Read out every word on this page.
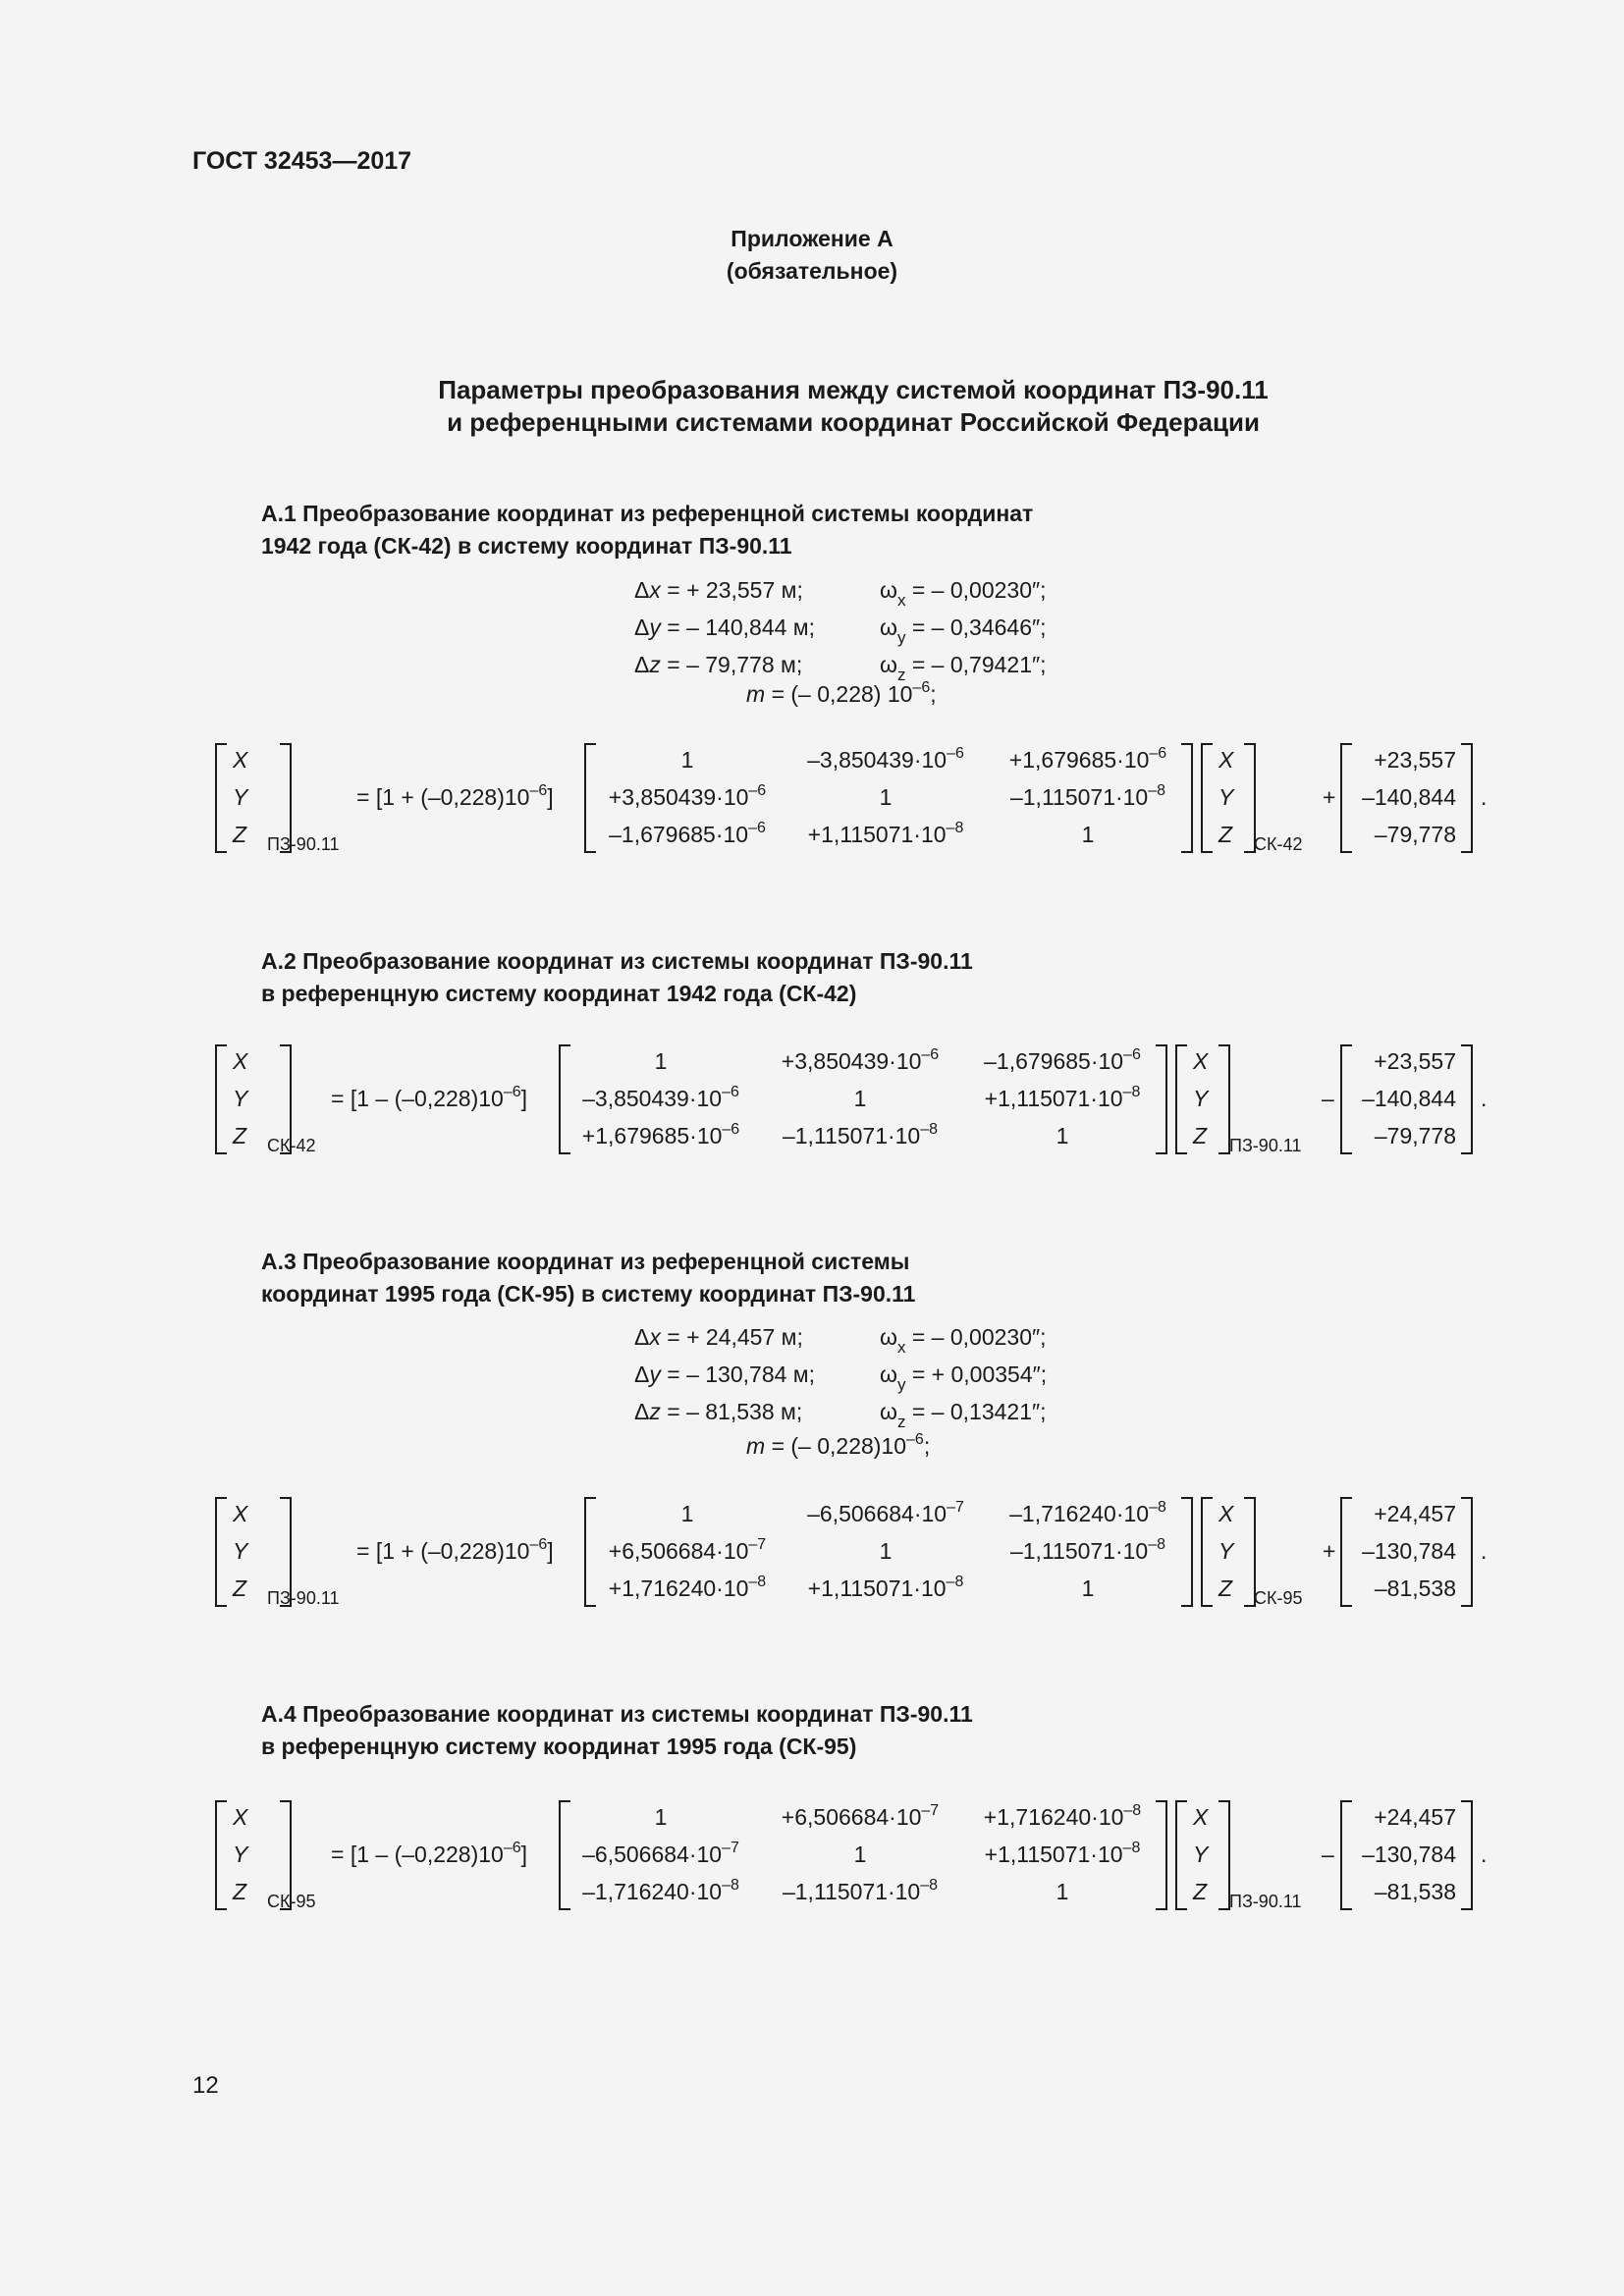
ГОСТ 32453—2017
Приложение А
(обязательное)
Параметры преобразования между системой координат ПЗ-90.11
и референцными системами координат Российской Федерации
А.1 Преобразование координат из референцной системы координат
1942 года (СК-42) в систему координат ПЗ-90.11
А.2 Преобразование координат из системы координат ПЗ-90.11
в референцную систему координат 1942 года (СК-42)
А.3 Преобразование координат из референцной системы
координат 1995 года (СК-95) в систему координат ПЗ-90.11
А.4 Преобразование координат из системы координат ПЗ-90.11
в референцную систему координат 1995 года (СК-95)
Δx = + 23,557 м;
Δy = – 140,844 м;
Δz = – 79,778 м;
$\omega_x$ = – 0,00230″;
$\omega_y$ = – 0,34646″;
$\omega_z$ = – 0,79421″;
m = (– 0,228) $10^{-6}$;
Δx = + 24,457 м;
Δy = – 130,784 м;
Δz = – 81,538 м;
$\omega_x$ = – 0,00230″;
$\omega_y$ = + 0,00354″;
$\omega_z$ = – 0,13421″;
m = (– $0,228)10^{-6}$;
X
Y
Z ПЗ-90.11
= $[1 + (-0,228)10^{-6}]$
1	$-3,850439\cdot 10^{-6}$	$+1,679685\cdot 10^{-6}$
$+3,850439\cdot 10^{-6}$	1	$-1,115071\cdot 10^{-8}$
$-1,679685\cdot 10^{-6}$	$+1,115071\cdot 10^{-8}$	1
X
Y
Z СК-42
+
+23,557
–140,844
–79,778
.
X
Y
Z СК-42
= $[1 - (-0,228)10^{-6}]$
1	$+3,850439\cdot 10^{-6}$	$-1,679685\cdot 10^{-6}$
$-3,850439\cdot 10^{-6}$	1	$+1,115071\cdot 10^{-8}$
$+1,679685\cdot 10^{-6}$	$-1,115071\cdot 10^{-8}$	1
X
Y
Z ПЗ-90.11
–
+23,557
–140,844
–79,778
.
X
Y
Z ПЗ-90.11
= $[1 + (-0,228)10^{-6}]$
1	$-6,506684\cdot 10^{-7}$	$-1,716240\cdot 10^{-8}$
$+6,506684\cdot 10^{-7}$	1	$-1,115071\cdot 10^{-8}$
$+1,716240\cdot 10^{-8}$	$+1,115071\cdot 10^{-8}$	1
X
Y
Z СК-95
+
+24,457
–130,784
–81,538
.
X
Y
Z СК-95
= $[1 - (-0,228)10^{-6}]$
1	$+6,506684\cdot 10^{-7}$	$+1,716240\cdot 10^{-8}$
$-6,506684\cdot 10^{-7}$	1	$+1,115071\cdot 10^{-8}$
$-1,716240\cdot 10^{-8}$	$-1,115071\cdot 10^{-8}$	1
X
Y
Z ПЗ-90.11
–
+24,457
–130,784
–81,538
.
12
